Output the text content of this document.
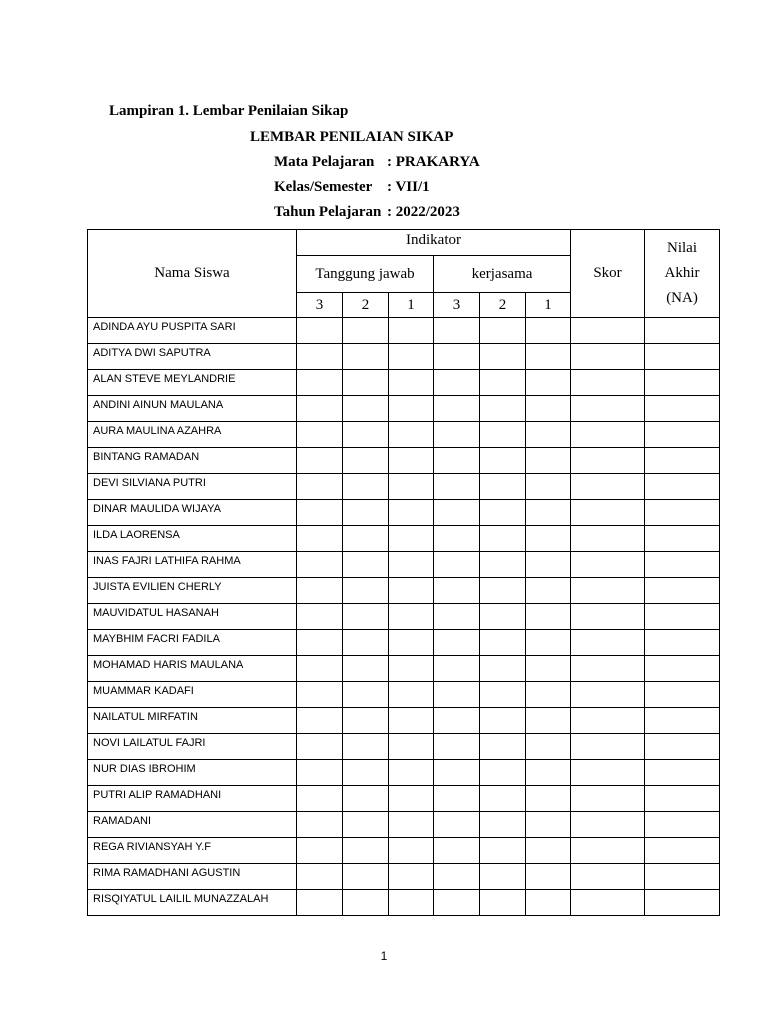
Lampiran 1. Lembar Penilaian Sikap
LEMBAR PENILAIAN SIKAP
Mata Pelajaran : PRAKARYA
Kelas/Semester : VII/1
Tahun Pelajaran : 2022/2023
Nama Siswa	Indikator						Skor	Nilai
Akhir
(NA)

	Tanggung jawab			kerjasama				
	3	2	1	3	2	1		
ADINDA AYU PUSPITA SARI								
ADITYA DWI SAPUTRA								
ALAN STEVE MEYLANDRIE								
ANDINI AINUN MAULANA								
AURA MAULINA AZAHRA								
BINTANG RAMADAN								
DEVI SILVIANA PUTRI								
DINAR MAULIDA WIJAYA								
ILDA LAORENSA								
INAS FAJRI LATHIFA RAHMA								
JUISTA EVILIEN CHERLY								
MAUVIDATUL HASANAH								
MAYBHIM FACRI FADILA								
MOHAMAD HARIS MAULANA								
MUAMMAR KADAFI								
NAILATUL MIRFATIN								
NOVI LAILATUL FAJRI								
NUR DIAS IBROHIM								
PUTRI ALIP RAMADHANI								
RAMADANI								
REGA RIVIANSYAH Y.F								
RIMA RAMADHANI AGUSTIN								
RISQIYATUL LAILIL MUNAZZALAH								
1
